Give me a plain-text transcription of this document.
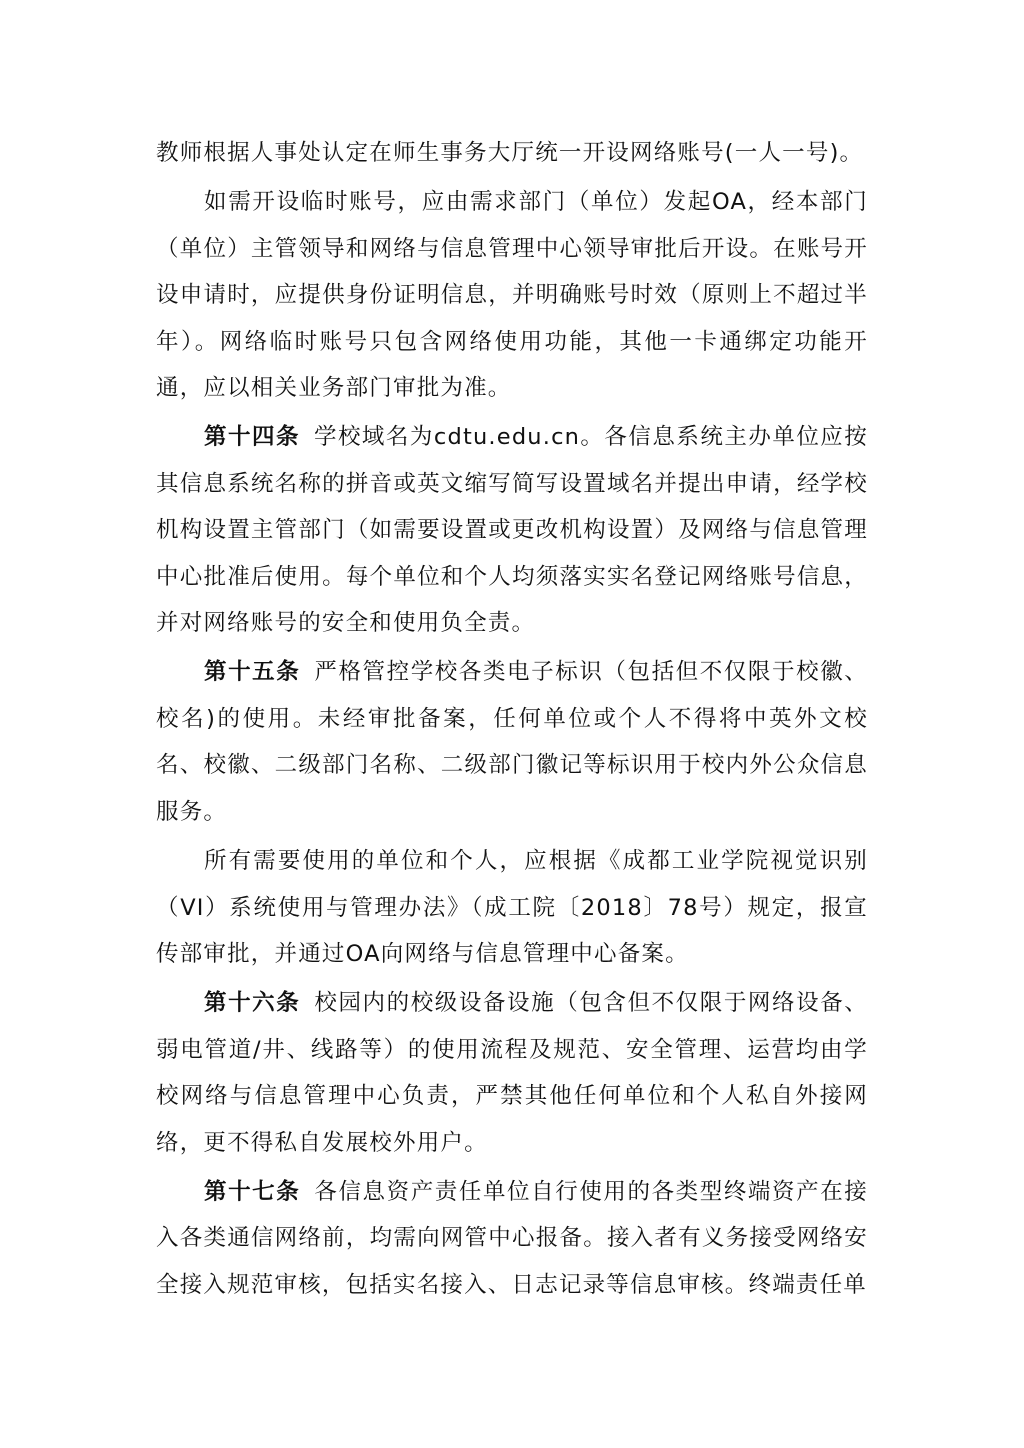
教师根据人事处认定在师生事务大厅统一开设网络账号(一人一号)。

如需开设临时账号，应由需求部门（单位）发起OA，经本部门（单位）主管领导和网络与信息管理中心领导审批后开设。在账号开设申请时，应提供身份证明信息，并明确账号时效（原则上不超过半年）。网络临时账号只包含网络使用功能，其他一卡通绑定功能开通，应以相关业务部门审批为准。

第十四条 学校域名为cdtu.edu.cn。各信息系统主办单位应按其信息系统名称的拼音或英文缩写简写设置域名并提出申请，经学校机构设置主管部门（如需要设置或更改机构设置）及网络与信息管理中心批准后使用。每个单位和个人均须落实实名登记网络账号信息，并对网络账号的安全和使用负全责。

第十五条 严格管控学校各类电子标识（包括但不仅限于校徽、校名)的使用。未经审批备案，任何单位或个人不得将中英外文校名、校徽、二级部门名称、二级部门徽记等标识用于校内外公众信息服务。

所有需要使用的单位和个人，应根据《成都工业学院视觉识别（VI）系统使用与管理办法》（成工院〔2018〕78号）规定，报宣传部审批，并通过OA向网络与信息管理中心备案。

第十六条 校园内的校级设备设施（包含但不仅限于网络设备、弱电管道/井、线路等）的使用流程及规范、安全管理、运营均由学校网络与信息管理中心负责，严禁其他任何单位和个人私自外接网络，更不得私自发展校外用户。

第十七条 各信息资产责任单位自行使用的各类型终端资产在接入各类通信网络前，均需向网管中心报备。接入者有义务接受网络安全接入规范审核，包括实名接入、日志记录等信息审核。终端责任单
